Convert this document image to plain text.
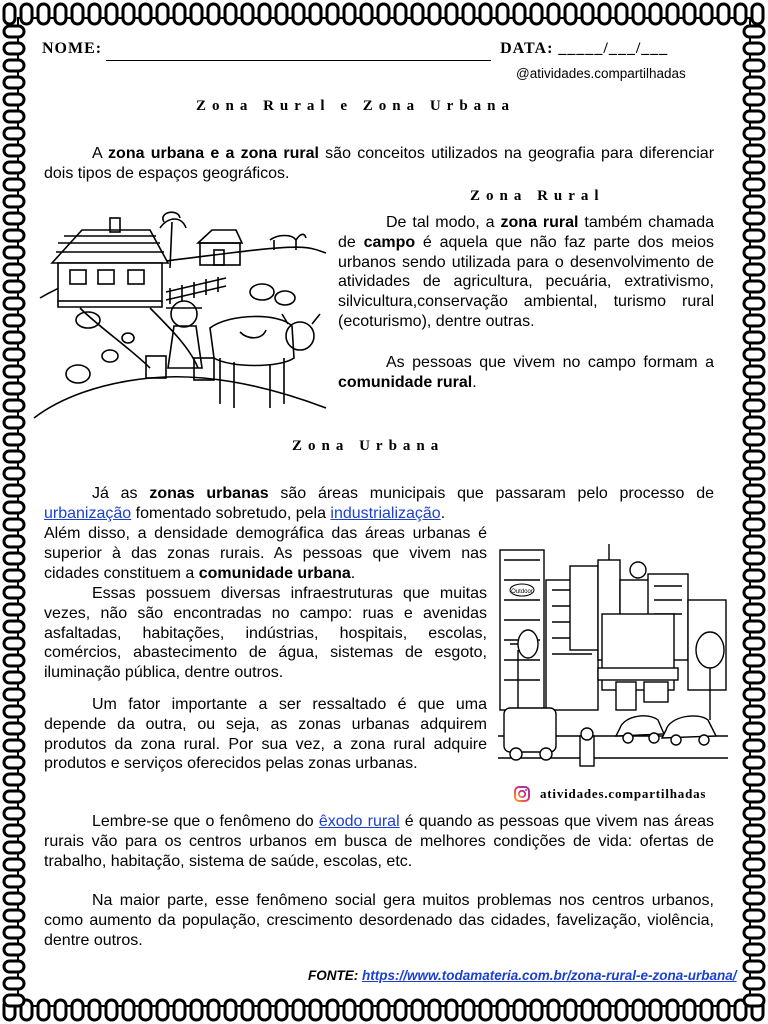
NOME:	DATA: _____/___/___
@atividades.compartilhadas
Zona Rural e Zona Urbana

A zona urbana e a zona rural são conceitos utilizados na geografia para diferenciar dois tipos de espaços geográficos.

Zona Rural

De tal modo, a zona rural também chamada de campo é aquela que não faz parte dos meios urbanos sendo utilizada para o desenvolvimento de atividades de agricultura, pecuária, extrativismo, silvicultura,conservação ambiental, turismo rural (ecoturismo), dentre outras.

As pessoas que vivem no campo formam a comunidade rural.

Zona Urbana

Já as zonas urbanas são áreas municipais que passaram pelo processo de urbanização fomentado sobretudo, pela industrialização.

Além disso, a densidade demográfica das áreas urbanas é superior à das zonas rurais. As pessoas que vivem nas cidades constituem a comunidade urbana.

Essas possuem diversas infraestruturas que muitas vezes, não são encontradas no campo: ruas e avenidas asfaltadas, habitações, indústrias, hospitais, escolas, comércios, abastecimento de água, sistemas de esgoto, iluminação pública, dentre outros.

Um fator importante a ser ressaltado é que uma depende da outra, ou seja, as zonas urbanas adquirem produtos da zona rural. Por sua vez, a zona rural adquire produtos e serviços oferecidos pelas zonas urbanas.

Outdoor
atividades.compartilhadas

Lembre-se que o fenômeno do êxodo rural é quando as pessoas que vivem nas áreas rurais vão para os centros urbanos em busca de melhores condições de vida: ofertas de trabalho, habitação, sistema de saúde, escolas, etc.

Na maior parte, esse fenômeno social gera muitos problemas nos centros urbanos, como aumento da população, crescimento desordenado das cidades, favelização, violência, dentre outros.

FONTE: https://www.todamateria.com.br/zona-rural-e-zona-urbana/
